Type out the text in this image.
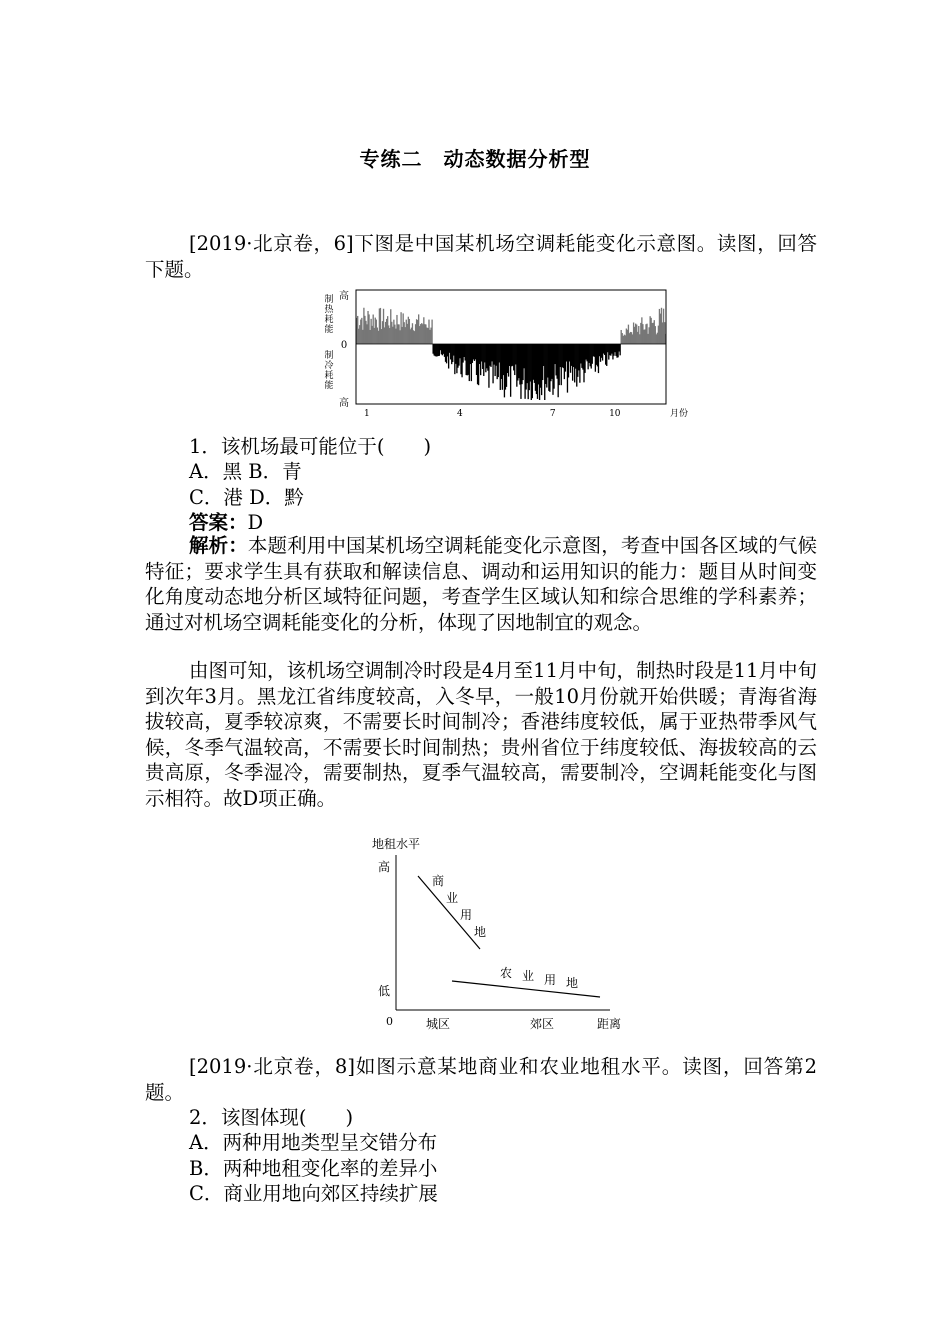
专练二　动态数据分析型
[2019·北京卷，6]下图是中国某机场空调耗能变化示意图。读图，回答下题。
高
0
高
制
热
耗
能
制
冷
耗
能
1	4	7	10	月份
1．该机场最可能位于(　　)
A．黑 B．青
C．港 D．黔
答案：D
解析：本题利用中国某机场空调耗能变化示意图，考查中国各区域的气候特征；要求学生具有获取和解读信息、调动和运用知识的能力：题目从时间变化角度动态地分析区域特征问题，考查学生区域认知和综合思维的学科素养；通过对机场空调耗能变化的分析，体现了因地制宜的观念。
由图可知，该机场空调制冷时段是4月至11月中旬，制热时段是11月中旬到次年3月。黑龙江省纬度较高，入冬早，一般10月份就开始供暖；青海省海拔较高，夏季较凉爽，不需要长时间制冷；香港纬度较低，属于亚热带季风气候，冬季气温较高，不需要长时间制热；贵州省位于纬度较低、海拔较高的云贵高原，冬季湿冷，需要制热，夏季气温较高，需要制冷，空调耗能变化与图示相符。故D项正确。
地租水平
高
低
0	城区	郊区	距离
商
业
用
地
农 业 用 地
[2019·北京卷，8]如图示意某地商业和农业地租水平。读图，回答第2题。
2．该图体现(　　)
A．两种用地类型呈交错分布
B．两种地租变化率的差异小
C．商业用地向郊区持续扩展
